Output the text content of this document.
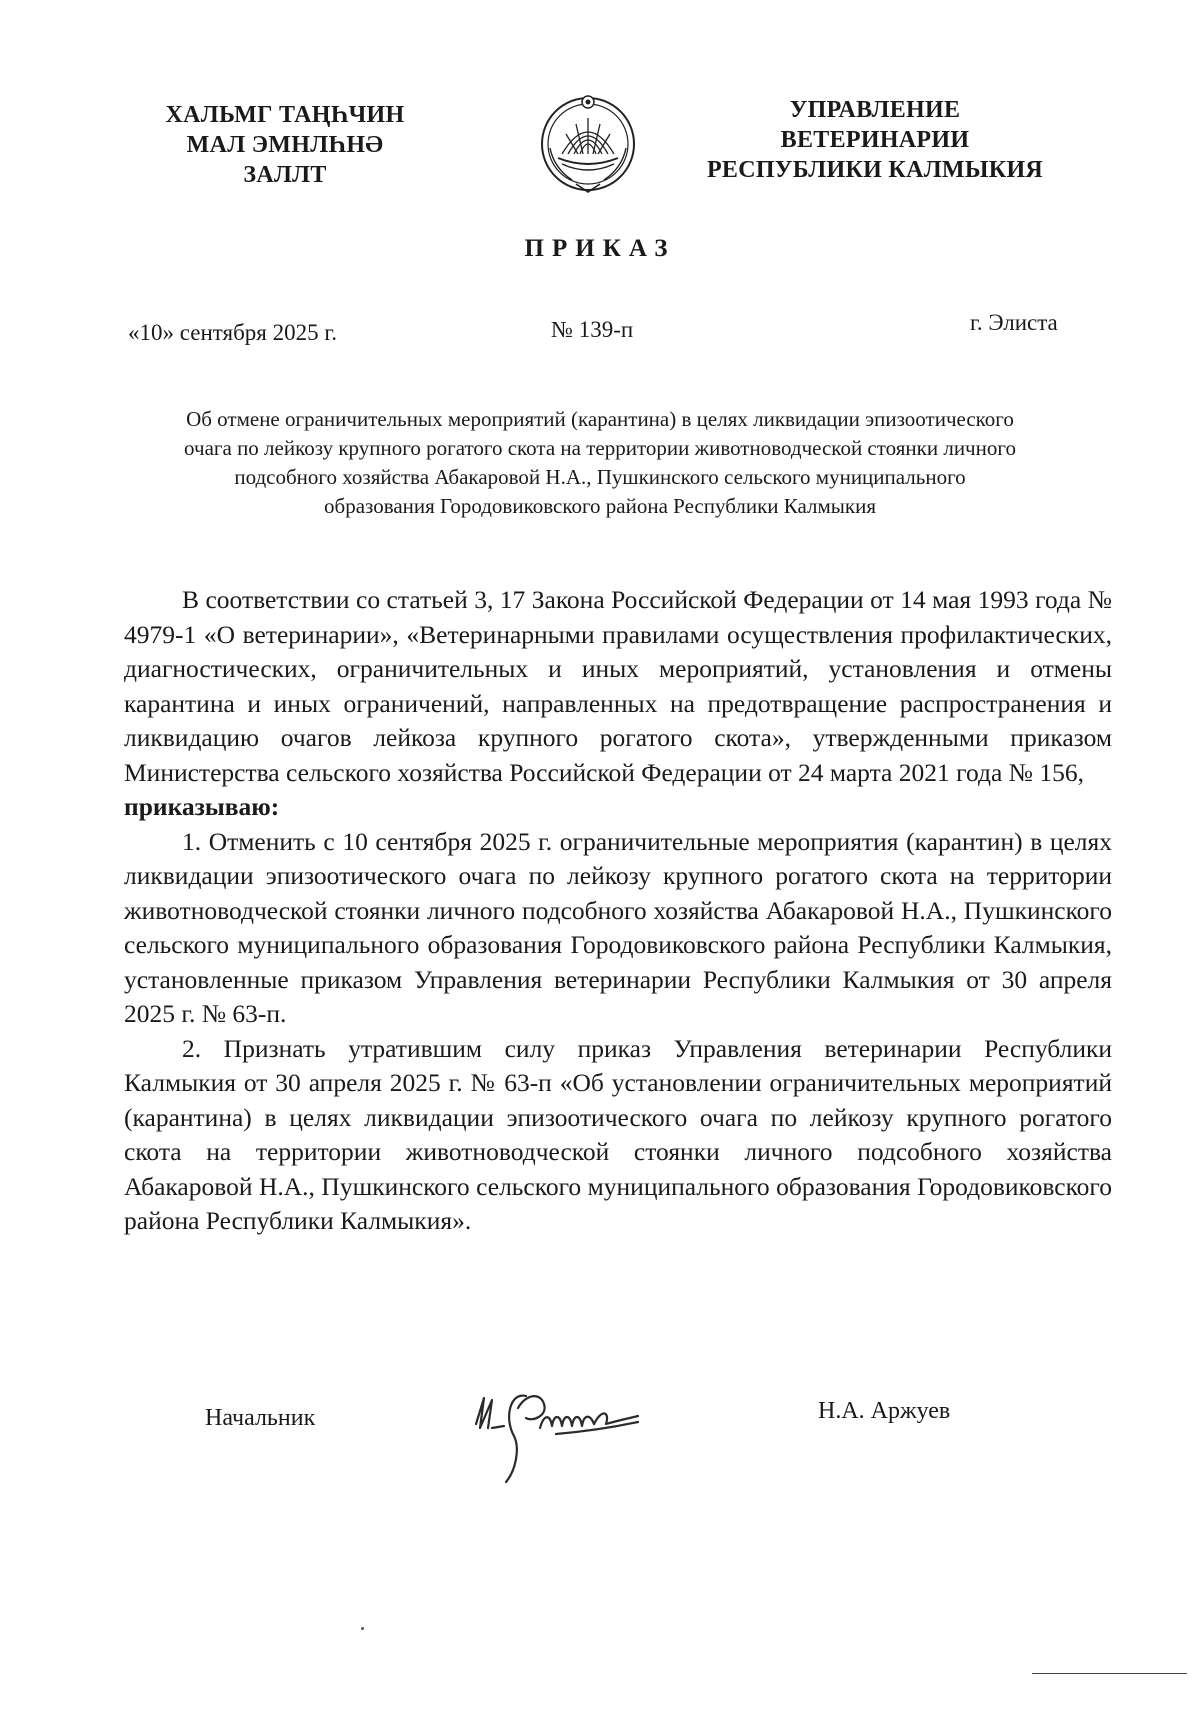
ХАЛЬМГ ТАҢҺЧИН
МАЛ ЭМНЛҺНӘ
ЗАЛЛТ
УПРАВЛЕНИЕ
ВЕТЕРИНАРИИ
РЕСПУБЛИКИ КАЛМЫКИЯ
ПРИКАЗ
«10» сентября 2025 г.	№ 139-п	г. Элиста
Об отмене ограничительных мероприятий (карантина) в целях ликвидации эпизоотического
очага по лейкозу крупного рогатого скота на территории животноводческой стоянки личного
подсобного хозяйства Абакаровой Н.А., Пушкинского сельского муниципального
образования Городовиковского района Республики Калмыкия

В соответствии со статьей 3, 17 Закона Российской Федерации от 14 мая 1993 года № 4979-1 «О ветеринарии», «Ветеринарными правилами осуществления профилактических, диагностических, ограничительных и иных мероприятий, установления и отмены карантина и иных ограничений, направленных на предотвращение распространения и ликвидацию очагов лейкоза крупного рогатого скота», утвержденными приказом Министерства сельского хозяйства Российской Федерации от 24 марта 2021 года № 156,

приказываю:

1. Отменить с 10 сентября 2025 г. ограничительные мероприятия (карантин) в целях ликвидации эпизоотического очага по лейкозу крупного рогатого скота на территории животноводческой стоянки личного подсобного хозяйства Абакаровой Н.А., Пушкинского сельского муниципального образования Городовиковского района Республики Калмыкия, установленные приказом Управления ветеринарии Республики Калмыкия от 30 апреля 2025 г. № 63-п.

2. Признать утратившим силу приказ Управления ветеринарии Республики Калмыкия от 30 апреля 2025 г. № 63-п «Об установлении ограничительных мероприятий (карантина) в целях ликвидации эпизоотического очага по лейкозу крупного рогатого скота на территории животноводческой стоянки личного подсобного хозяйства Абакаровой Н.А., Пушкинского сельского муниципального образования Городовиковского района Республики Калмыкия».

Начальник	Н.А. Аржуев
